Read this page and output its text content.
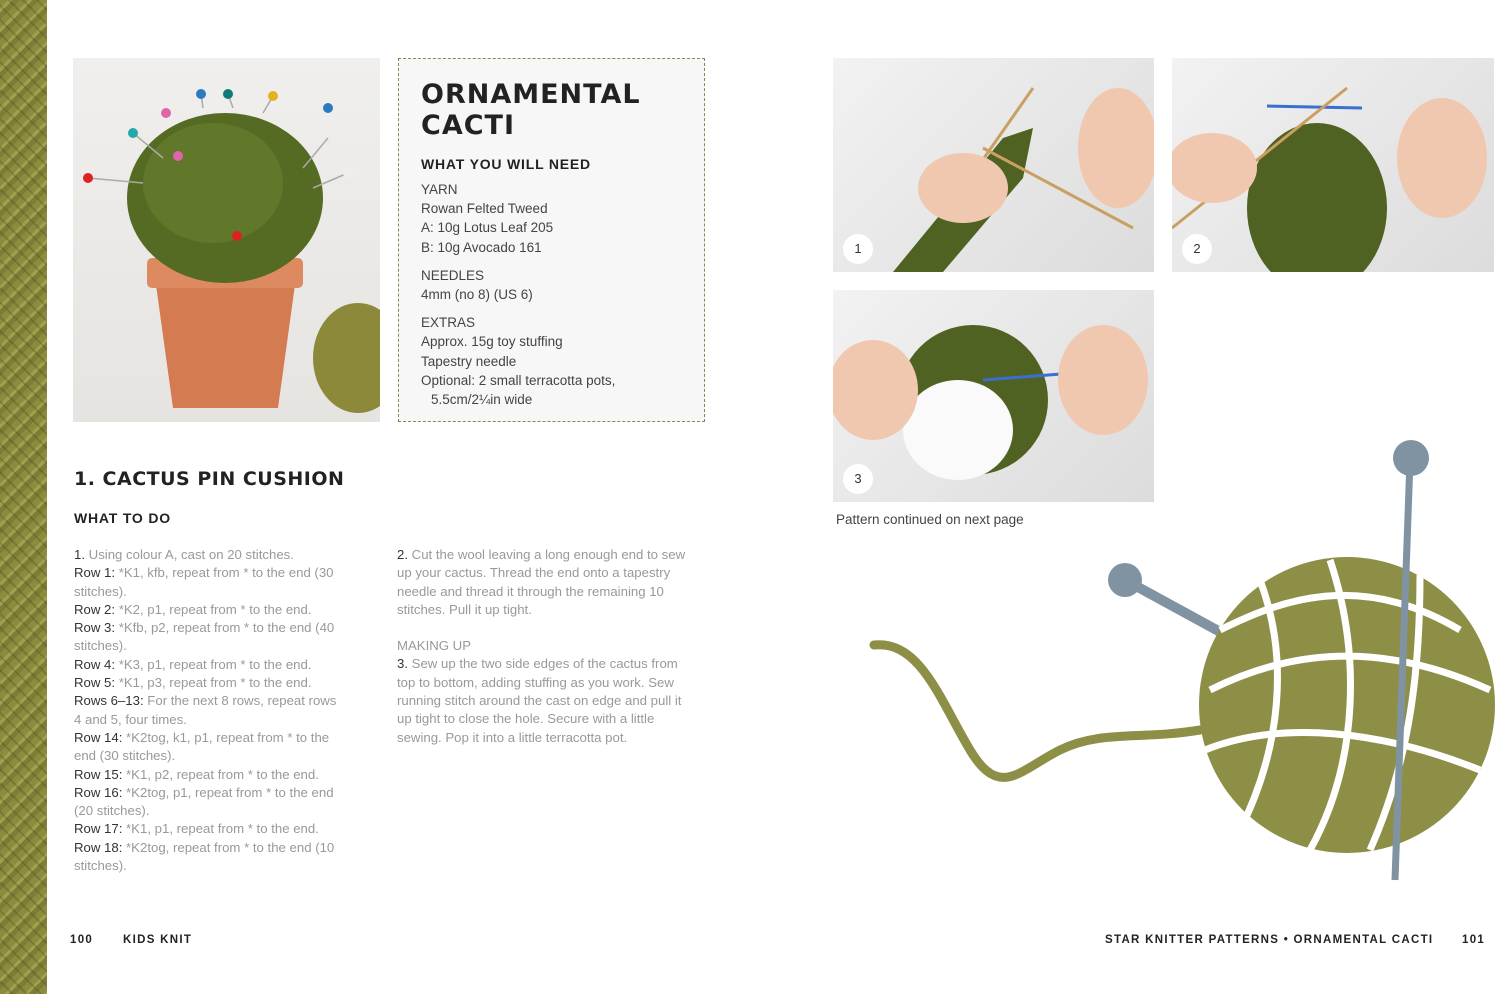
ORNAMENTAL
CACTI
WHAT YOU WILL NEED

YARN

Rowan Felted Tweed

A: 10g Lotus Leaf 205

B: 10g Avocado 161

NEEDLES

4mm (no 8) (US 6)

EXTRAS

Approx. 15g toy stuffing

Tapestry needle

Optional: 2 small terracotta pots,

5.5cm/2¼in wide

1. CACTUS PIN CUSHION
WHAT TO DO
1. Using colour A, cast on 20 stitches.
Row 1: *K1, kfb, repeat from * to the end (30 stitches).
Row 2: *K2, p1, repeat from * to the end.
Row 3: *Kfb, p2, repeat from * to the end (40 stitches).
Row 4: *K3, p1, repeat from * to the end.
Row 5: *K1, p3, repeat from * to the end.
Rows 6–13: For the next 8 rows, repeat rows 4 and 5, four times.
Row 14: *K2tog, k1, p1, repeat from * to the end (30 stitches).
Row 15: *K1, p2, repeat from * to the end.
Row 16: *K2tog, p1, repeat from * to the end (20 stitches).
Row 17: *K1, p1, repeat from * to the end.
Row 18: *K2tog, repeat from * to the end (10 stitches).
2. Cut the wool leaving a long enough end to sew up your cactus. Thread the end onto a tapestry needle and thread it through the remaining 10 stitches. Pull it up tight.
MAKING UP
3. Sew up the two side edges of the cactus from top to bottom, adding stuffing as you work. Sew running stitch around the cast on edge and pull it up tight to close the hole. Secure with a little sewing. Pop it into a little terracotta pot.
100	KIDS KNIT
1	2
3
Pattern continued on next page
STAR KNITTER PATTERNS • ORNAMENTAL CACTI 101
